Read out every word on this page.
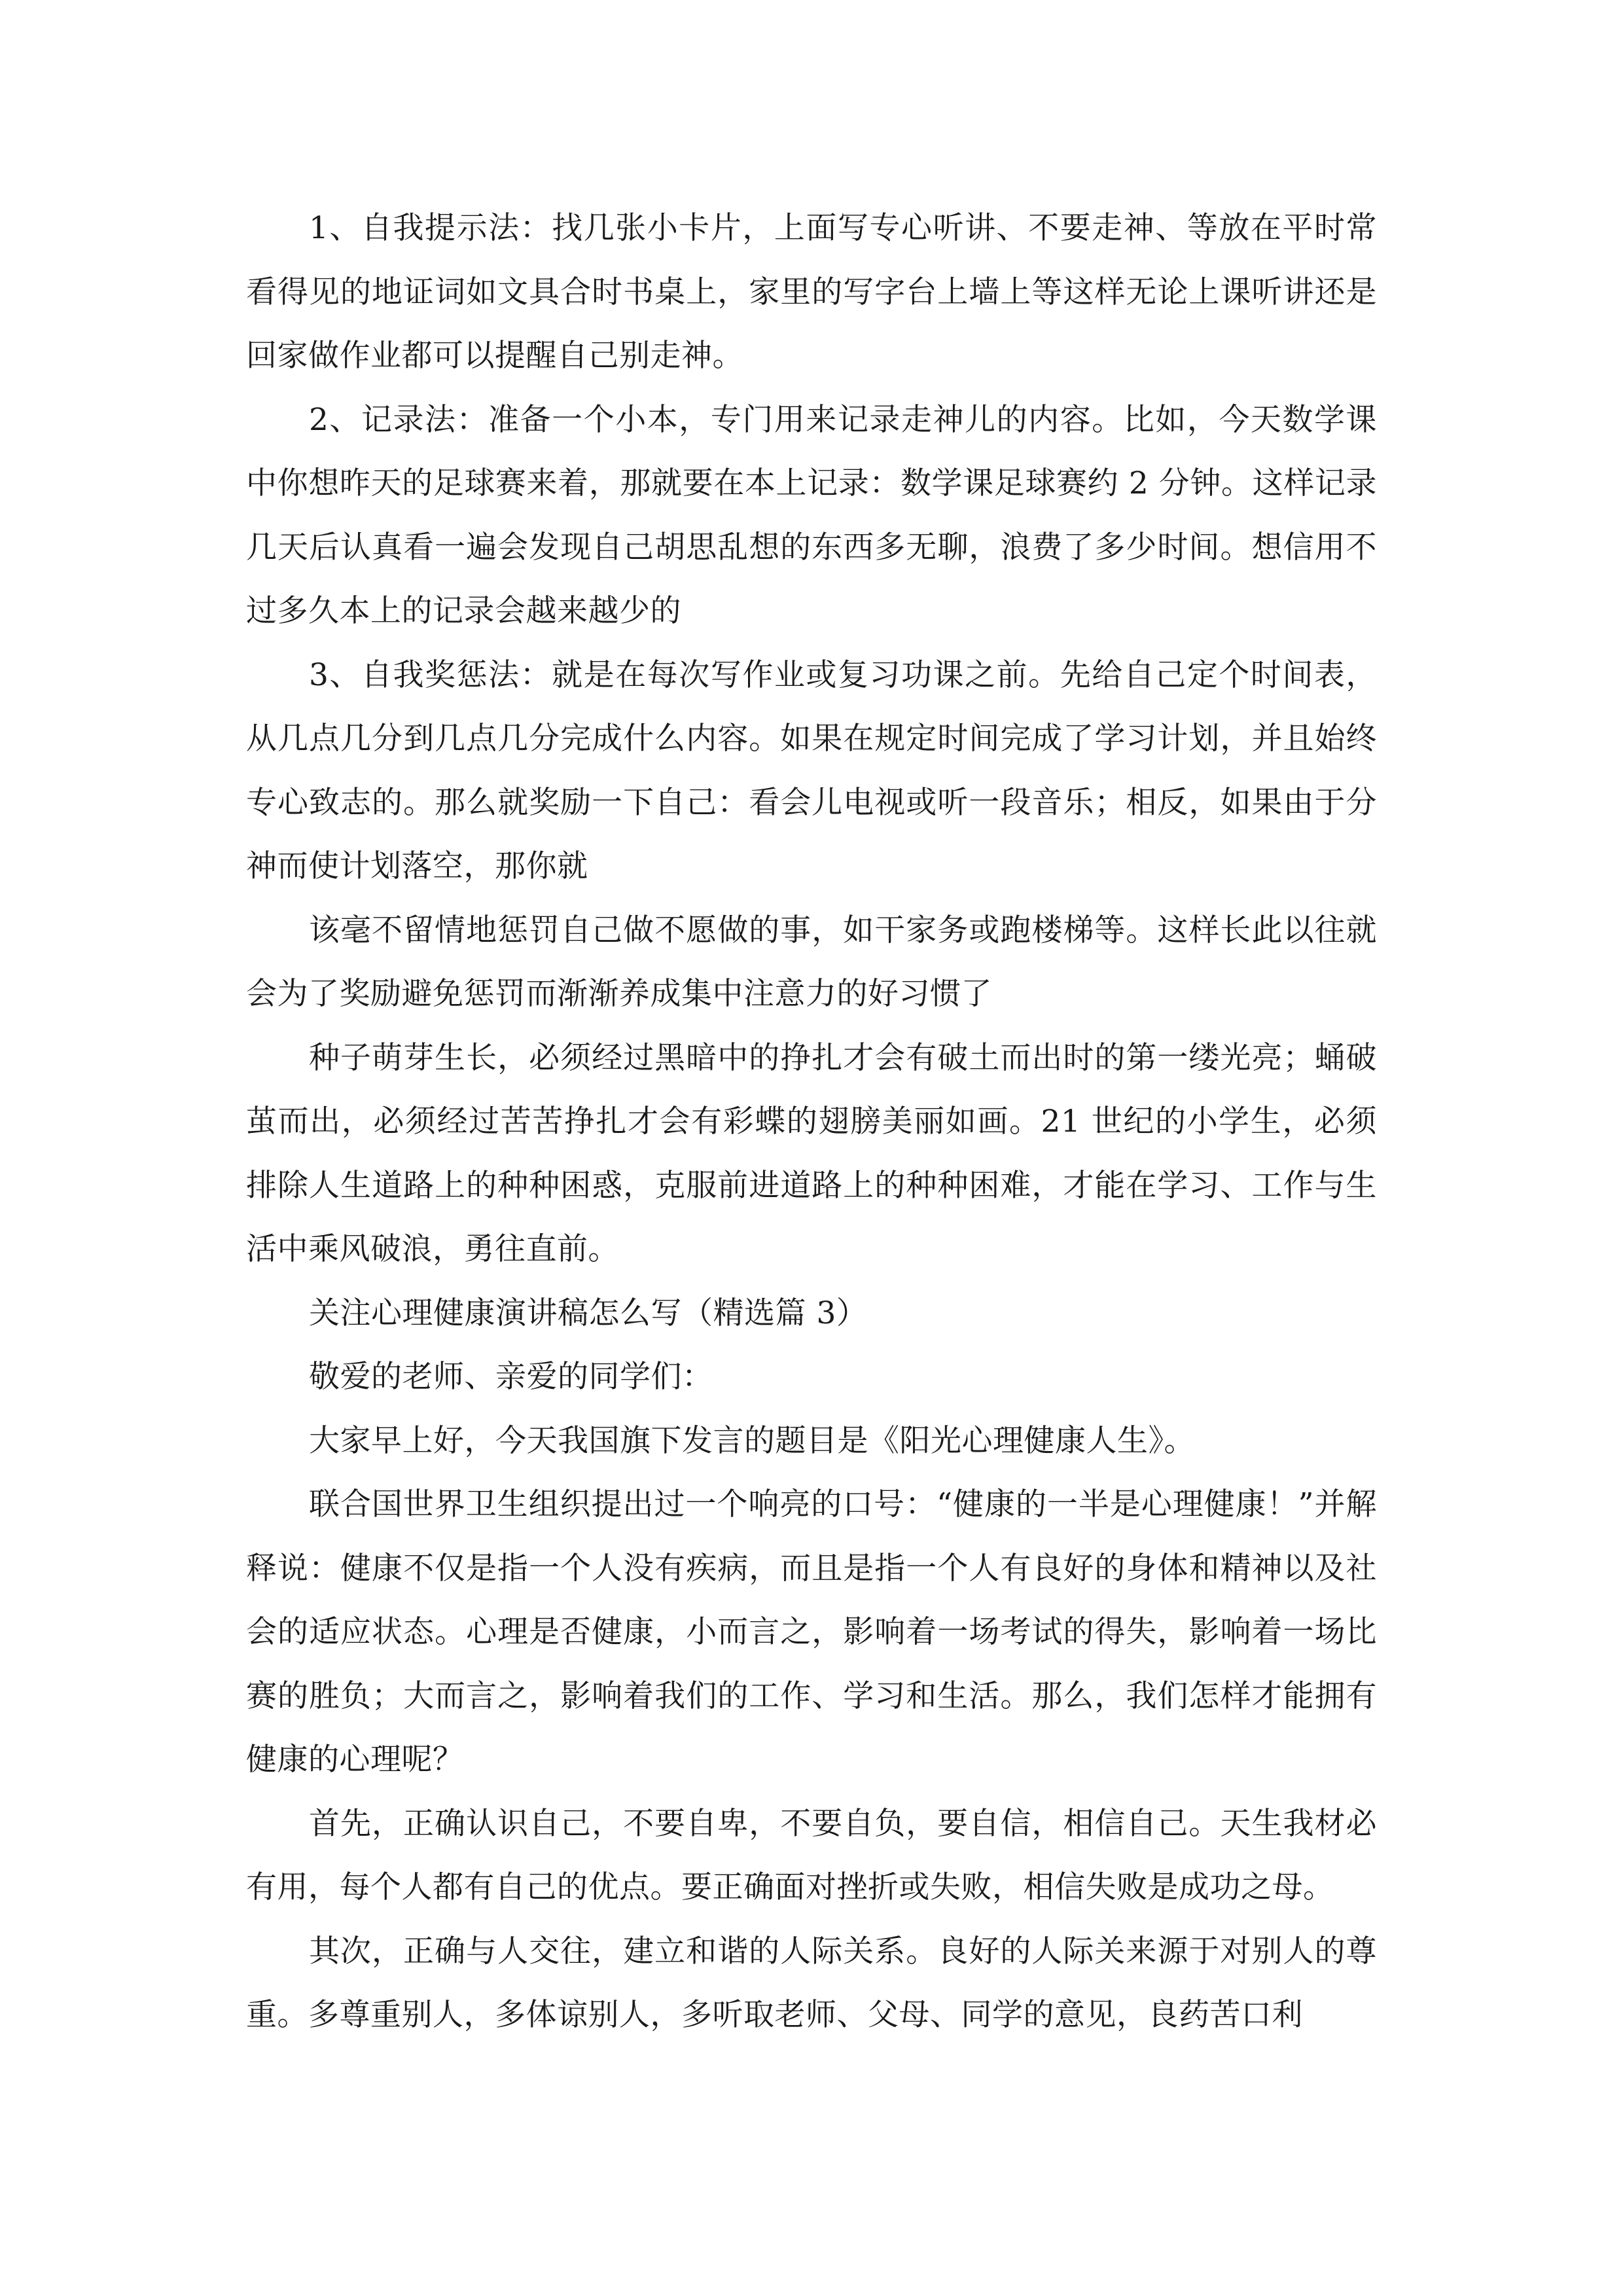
1、自我提示法：找几张小卡片，上面写专心听讲、不要走神、等放在平时常看得见的地证词如文具合时书桌上，家里的写字台上墙上等这样无论上课听讲还是回家做作业都可以提醒自己别走神。

2、记录法：准备一个小本，专门用来记录走神儿的内容。比如，今天数学课中你想昨天的足球赛来着，那就要在本上记录：数学课足球赛约 2 分钟。这样记录几天后认真看一遍会发现自己胡思乱想的东西多无聊，浪费了多少时间。想信用不过多久本上的记录会越来越少的

3、自我奖惩法：就是在每次写作业或复习功课之前。先给自己定个时间表，从几点几分到几点几分完成什么内容。如果在规定时间完成了学习计划，并且始终专心致志的。那么就奖励一下自己：看会儿电视或听一段音乐；相反，如果由于分神而使计划落空，那你就

该毫不留情地惩罚自己做不愿做的事，如干家务或跑楼梯等。这样长此以往就会为了奖励避免惩罚而渐渐养成集中注意力的好习惯了

种子萌芽生长，必须经过黑暗中的挣扎才会有破土而出时的第一缕光亮；蛹破茧而出，必须经过苦苦挣扎才会有彩蝶的翅膀美丽如画。21 世纪的小学生，必须排除人生道路上的种种困惑，克服前进道路上的种种困难，才能在学习、工作与生活中乘风破浪，勇往直前。

关注心理健康演讲稿怎么写（精选篇 3）

敬爱的老师、亲爱的同学们：

大家早上好，今天我国旗下发言的题目是《阳光心理健康人生》。

联合国世界卫生组织提出过一个响亮的口号：“健康的一半是心理健康！”并解释说：健康不仅是指一个人没有疾病，而且是指一个人有良好的身体和精神以及社会的适应状态。心理是否健康，小而言之，影响着一场考试的得失，影响着一场比赛的胜负；大而言之，影响着我们的工作、学习和生活。那么，我们怎样才能拥有健康的心理呢？

首先，正确认识自己，不要自卑，不要自负，要自信，相信自己。天生我材必有用，每个人都有自己的优点。要正确面对挫折或失败，相信失败是成功之母。

其次，正确与人交往，建立和谐的人际关系。良好的人际关来源于对别人的尊重。多尊重别人，多体谅别人，多听取老师、父母、同学的意见，良药苦口利
